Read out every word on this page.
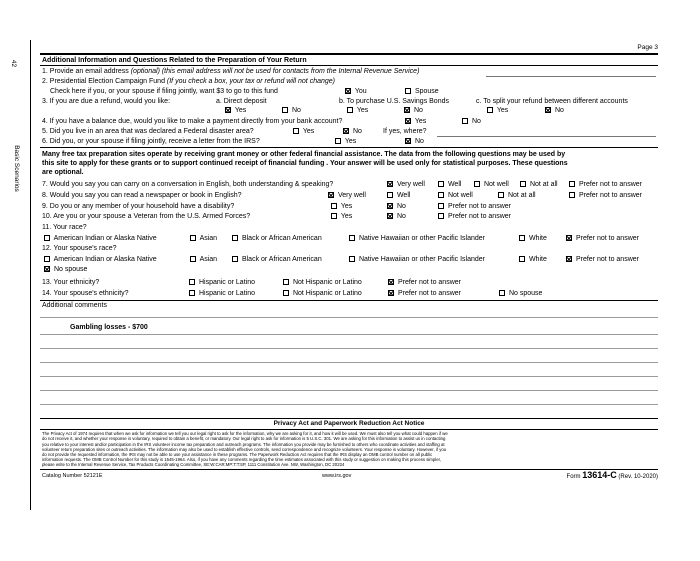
42
Basic Scenarios
Page 3
Additional Information and Questions Related to the Preparation of Your Return
1. Provide an email address (optional) (this email address will not be used for contacts from the Internal Revenue Service)
2. Presidential Election Campaign Fund (If you check a box, your tax or refund will not change)
Check here if you, or your spouse if filing jointly, want $3 to go to this fund	You	Spouse
3. If you are due a refund, would you like:	a. Direct deposit	b. To purchase U.S. Savings Bonds	c. To split your refund between different accounts
Yes	No	Yes	No	Yes	No
4. If you have a balance due, would you like to make a payment directly from your bank account?	Yes	No
5. Did you live in an area that was declared a Federal disaster area?	Yes	No	If yes, where?
6. Did you, or your spouse if filing jointly, receive a letter from the IRS?	Yes	No
Many free tax preparation sites operate by receiving grant money or other federal financial assistance. The data from the following questions may be used by
this site to apply for these grants or to support continued receipt of financial funding . Your answer will be used only for statistical purposes. These questions
are optional.
7. Would you say you can carry on a conversation in English, both understanding & speaking?	Very well	Well	Not well	Not at all	Prefer not to answer
8. Would you say you can read a newspaper or book in English?	Very well	Well	Not well	Not at all	Prefer not to answer
9. Do you or any member of your household have a disability?	Yes	No	Prefer not to answer
10. Are you or your spouse a Veteran from the U.S. Armed Forces?	Yes	No	Prefer not to answer
11. Your race?
American Indian or Alaska Native	Asian	Black or African American	Native Hawaiian or other Pacific Islander	White	Prefer not to answer
12. Your spouse's race?
American Indian or Alaska Native	Asian	Black or African American	Native Hawaiian or other Pacific Islander	White	Prefer not to answer
No spouse
13. Your ethnicity?	Hispanic or Latino	Not Hispanic or Latino	Prefer not to answer
14. Your spouse's ethnicity?	Hispanic or Latino	Not Hispanic or Latino	Prefer not to answer	No spouse
Additional comments
Gambling losses - $700
Privacy Act and Paperwork Reduction Act Notice
The Privacy Act of 1974 requires that when we ask for information we tell you our legal right to ask for the information, why we are asking for it, and how it will be used. We must also tell you what could happen if we
do not receive it, and whether your response is voluntary, required to obtain a benefit, or mandatory. Our legal right to ask for information is 5 U.S.C. 301. We are asking for this information to assist us in contacting
you relative to your interest and/or participation in the IRS volunteer income tax preparation and outreach programs. The information you provide may be furnished to others who coordinate activities and staffing at
volunteer return preparation sites or outreach activities. The information may also be used to establish effective controls, send correspondence and recognize volunteers. Your response is voluntary. However, if you
do not provide the requested information, the IRS may not be able to use your assistance in these programs. The Paperwork Reduction Act requires that the IRS display an OMB control number on all public
information requests. The OMB Control Number for this study is 1545-1964. Also, if you have any comments regarding the time estimates associated with this study or suggestion on making this process simpler,
please write to the Internal Revenue Service, Tax Products Coordinating Committee, SE:W:CAR:MP:T:T:SP, 1111 Constitution Ave. NW, Washington, DC 20224
Catalog Number 52121E	www.irs.gov	Form 13614-C (Rev. 10-2020)
